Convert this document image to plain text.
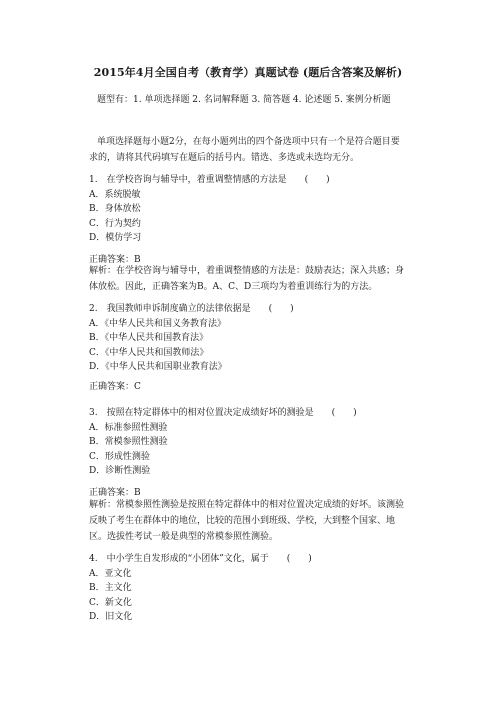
2015年4月全国自考（教育学）真题试卷 (题后含答案及解析)
题型有：1. 单项选择题 2. 名词解释题 3. 简答题 4. 论述题 5. 案例分析题
单项选择题每小题2分，在每小题列出的四个备选项中只有一个是符合题目要求的，请将其代码填写在题后的括号内。错选、多选或未选均无分。
1.　在学校咨询与辅导中，着重调整情感的方法是　　(　　)
A．系统脱敏
B．身体放松
C．行为契约
D．模仿学习
正确答案：B
解析：在学校咨询与辅导中，着重调整情感的方法是：鼓励表达；深入共感；身体放松。因此，正确答案为B。A、C、D三项均为着重训练行为的方法。
2.　我国教师申诉制度确立的法律依据是　　(　　)
A．《中华人民共和国义务教育法》
B．《中华人民共和国教育法》
C．《中华人民共和国教师法》
D．《中华人民共和国职业教育法》
正确答案：C
3.　按照在特定群体中的相对位置决定成绩好坏的测验是　　(　　)
A．标准参照性测验
B．常模参照性测验
C．形成性测验
D．诊断性测验
正确答案：B
解析：常模参照性测验是按照在特定群体中的相对位置决定成绩的好坏。该测验反映了考生在群体中的地位，比较的范围小到班级、学校，大到整个国家、地区。选拔性考试一般是典型的常模参照性测验。
4.　中小学生自发形成的“小团体”文化，属于　　(　　)
A．亚文化
B．主文化
C．新文化
D．旧文化
